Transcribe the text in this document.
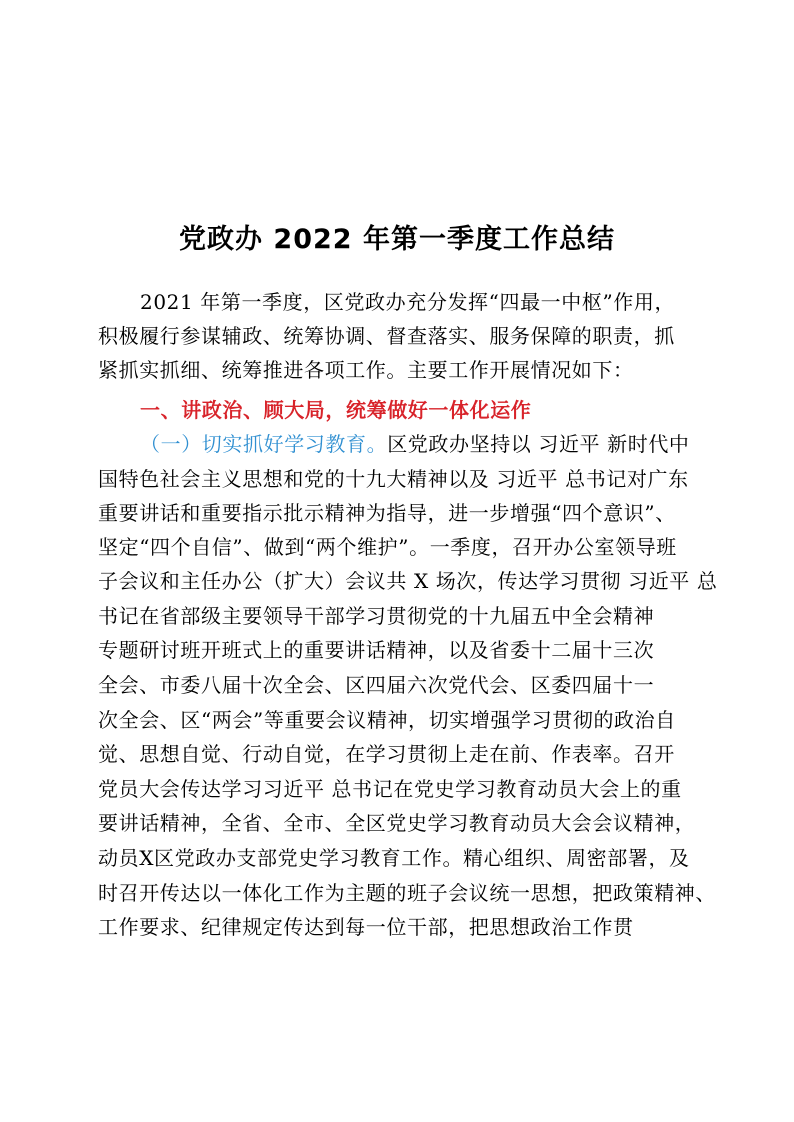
党政办 2022 年第一季度工作总结
2021 年第一季度，区党政办充分发挥“四最一中枢”作用，
积极履行参谋辅政、统筹协调、督查落实、服务保障的职责，抓
紧抓实抓细、统筹推进各项工作。主要工作开展情况如下：
一、讲政治、顾大局，统筹做好一体化运作
（一）切实抓好学习教育。区党政办坚持以 习近平 新时代中
国特色社会主义思想和党的十九大精神以及 习近平 总书记对广东
重要讲话和重要指示批示精神为指导，进一步增强“四个意识”、
坚定“四个自信”、做到“两个维护”。一季度，召开办公室领导班
子会议和主任办公（扩大）会议共 X 场次，传达学习贯彻 习近平 总
书记在省部级主要领导干部学习贯彻党的十九届五中全会精神
专题研讨班开班式上的重要讲话精神，以及省委十二届十三次
全会、市委八届十次全会、区四届六次党代会、区委四届十一
次全会、区“两会”等重要会议精神，切实增强学习贯彻的政治自
觉、思想自觉、行动自觉，在学习贯彻上走在前、作表率。召开
党员大会传达学习习近平 总书记在党史学习教育动员大会上的重
要讲话精神，全省、全市、全区党史学习教育动员大会会议精神，
动员X区党政办支部党史学习教育工作。精心组织、周密部署，及
时召开传达以一体化工作为主题的班子会议统一思想，把政策精神、
工作要求、纪律规定传达到每一位干部，把思想政治工作贯
